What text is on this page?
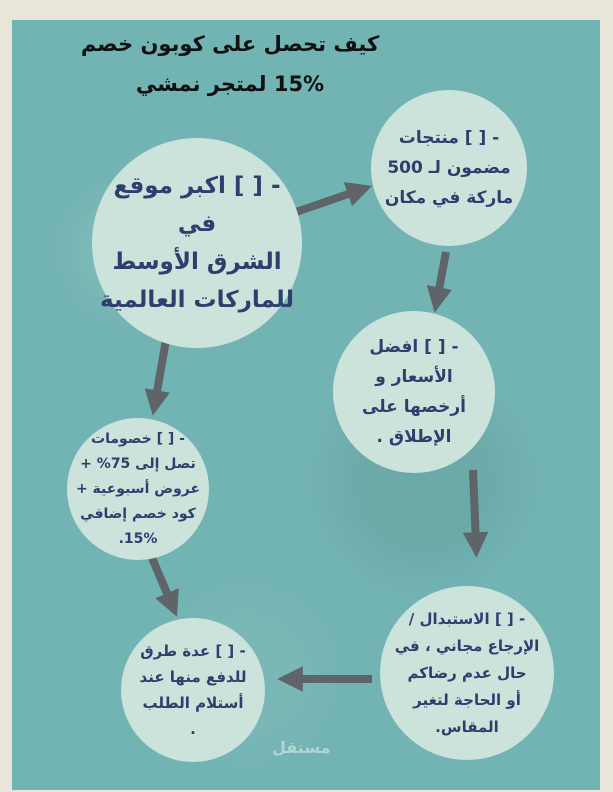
كيف تحصل على كوبون خصم
15% لمتجر نمشي
- [ ] اكبر موقع في
الشرق الأوسط
للماركات العالمية
- [ ] منتجات
مضمون لـ 500
ماركة في مكان
- [ ] افضل
الأسعار و
أرخصها على
الإطلاق .
- [ ] خصومات
تصل إلى 75% +
عروض أسبوعية +
كود خصم إضافي
15%.
- [ ] عدة طرق
للدفع منها عند
أستلام الطلب
.
- [ ] الاستبدال /
الإرجاع مجاني ، في
حال عدم رضاكم
أو الحاجة لتغير
المقاس.
مستقل
